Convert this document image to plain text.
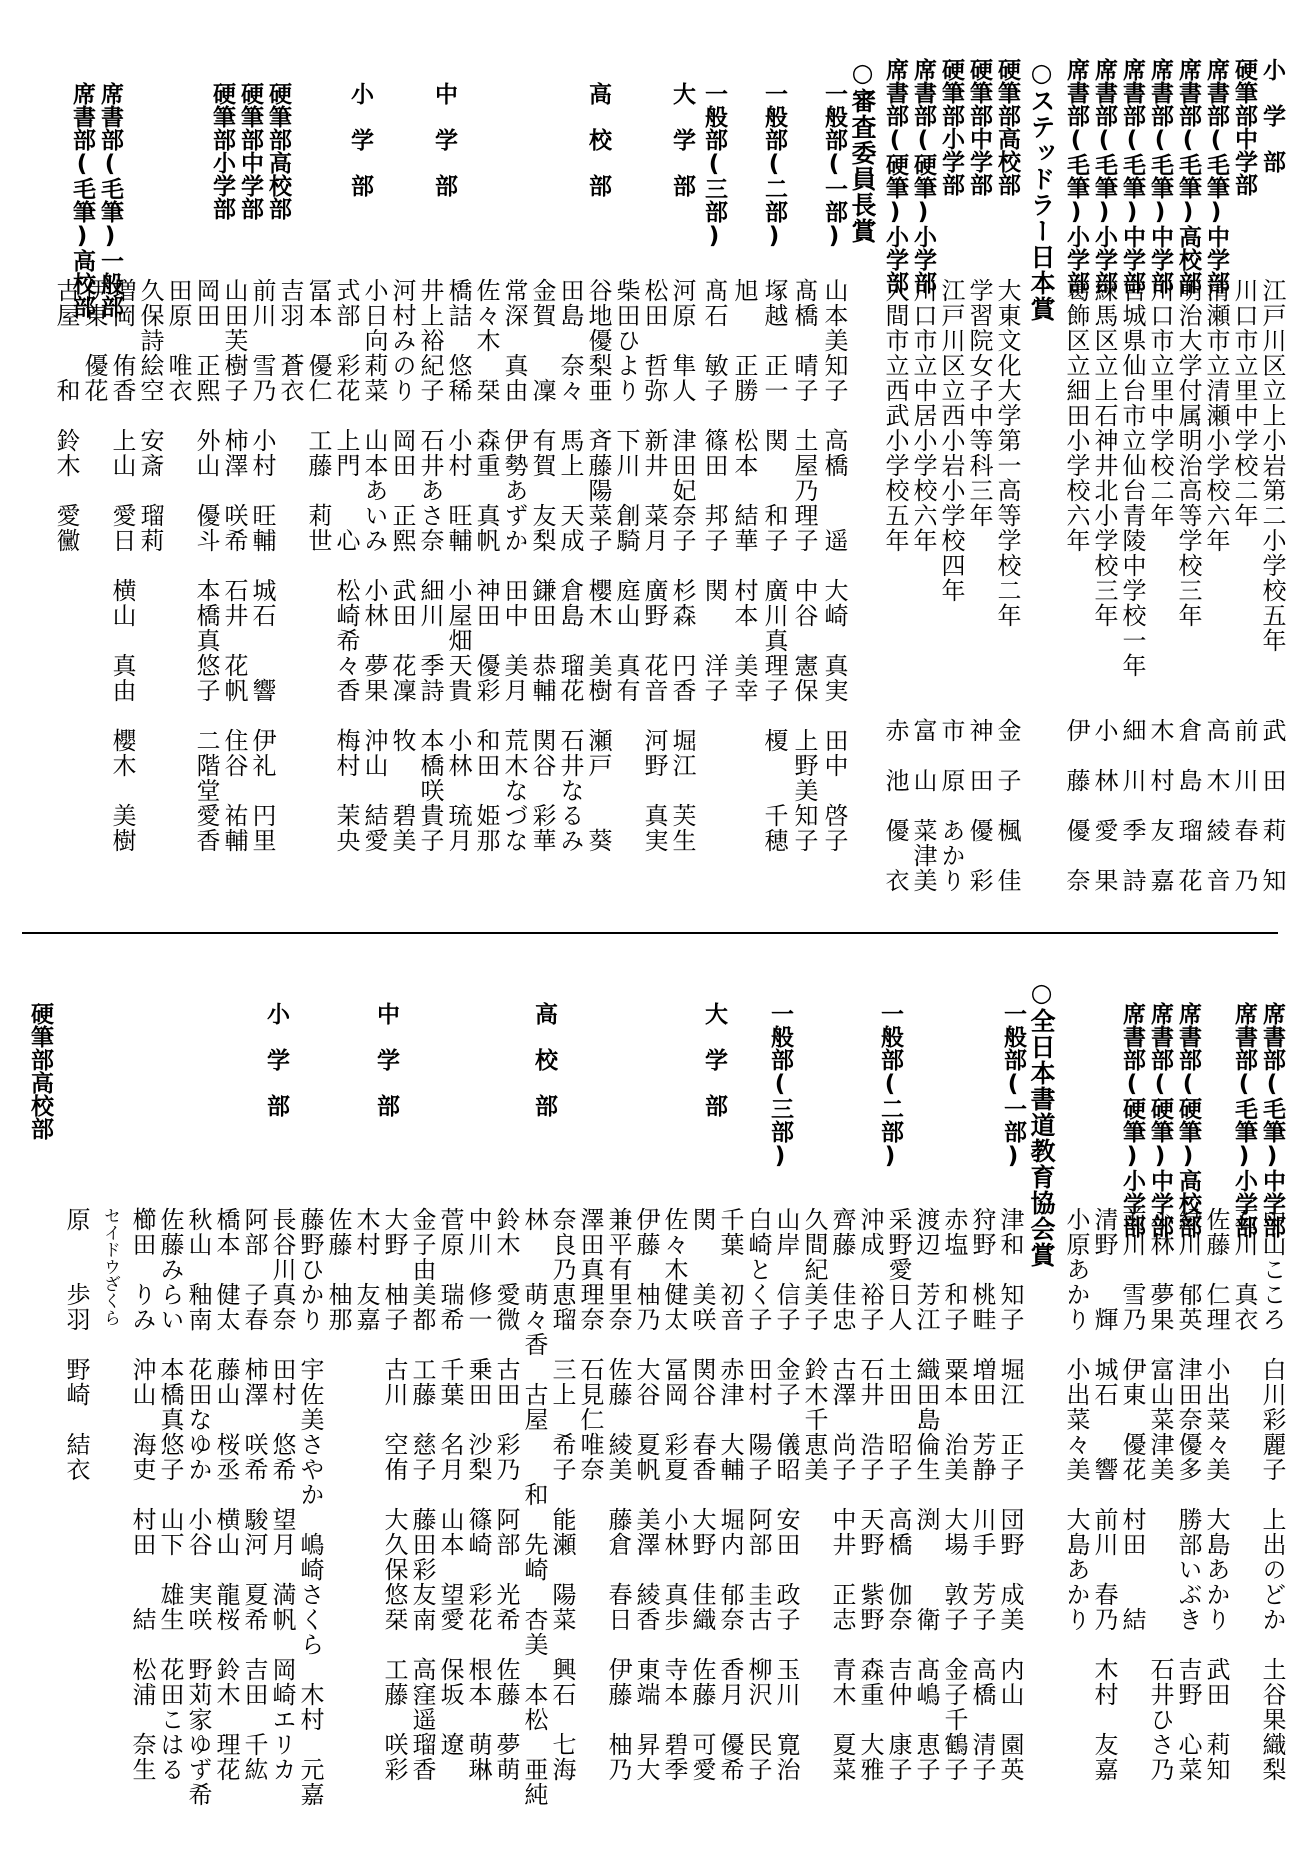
小　学　部
硬筆部中学部
席書部(毛筆)中学部
席書部(毛筆)高校部
席書部(毛筆)中学部
席書部(毛筆)中学部
席書部(毛筆)小学部
席書部(毛筆)小学部
江戸川区立上小岩第二小学校五年
川口市立里中学校二年
清瀬市立清瀬小学校六年
明治大学付属明治高等学校三年
川口市立里中学校二年
宮城県仙台市立仙台青陵中学校一年
練馬区立上石神井北小学校三年
葛飾区立細田小学校六年
武　田　莉　知
前　川　春　乃
高　木　綾　音
倉　島　瑠　花
木　村　友　嘉
細　川　季　詩
小　林　愛　果
伊　藤　優　奈
○ステッドラー日本賞
硬筆部高校部
硬筆部中学部
硬筆部小学部
席書部(硬筆)小学部
席書部(硬筆)小学部
大東文化大学第一高等学校二年
学習院女子中等科三年
江戸川区立西小岩小学校四年
川口市立中居小学校六年
入間市立西武小学校五年
金　子　楓　佳
神　田　優　彩
市　原　あかり
富　山　菜津美
赤　池　優　衣
○審査委員長賞
一般部(一部)
一般部(二部)
一般部(三部)
大　学　部
高　校　部
中　学　部
小　学　部
硬筆部高校部
硬筆部中学部
硬筆部小学部
席書部(毛筆)一般部
席書部(毛筆)高校部
山本美知子　高橋　　遥　大崎　真実　田中　啓子
髙橋　晴子　土屋乃理子　中谷　憲保　上野美知子
塚越　正一　関　　和子　廣川真理子　榎　　千穂
旭　　正勝　松本　結華　村本　美幸
髙石　敏子　篠田　邦子　関　　洋子
河原　隼人　津田妃奈子　杉森　円香　堀江　芙生
松田　哲弥　新井　菜月　廣野　花音　河野　真実
柴田ひより　下川　創騎　庭山　真有
谷地優梨亜　斉藤陽菜子　櫻木　美樹　瀬戸　　葵
田島　奈々　馬上　天成　倉島　瑠花　石井なるみ
金賀　　凜　有賀　友梨　鎌田　恭輔　関谷　彩華
常深　真由　伊勢あずか　田中　美月　荒木なづな
佐々木　栞　森重　真帆　神田　優彩　和田　姫那
橋詰　悠稀　小村　旺輔　小屋畑天貴　小林　琉月
井上裕紀子　石井あさ奈　細川　季詩　本橋咲貴子
河村みのり　岡田　正熙　武田　花凜　牧　　碧美
小日向莉菜　山本あいみ　小林　夢果　沖山　結愛
式部　彩花　上門　　心　松崎希々香　梅村　茉央
冨本　優仁　工藤　莉世
吉羽　蒼衣
前川　雪乃　小村　旺輔　城石　　響　伊礼　円里
山田芙樹子　柿澤　咲希　石井　花帆　住谷　祐輔
岡田　正熙　外山　優斗　本橋真悠子　二階堂愛香
田原　唯衣
久保詩絵空　安斎　瑠莉
増岡　侑香　上山　愛日　横山　真由　櫻木　美樹
伊東　優花
古屋　　和　鈴木　愛黴
席書部(毛筆)中学部
席書部(毛筆)小学部
中山こころ　白川彩麗子　上出のどか　土谷果織梨
石川　真衣
佐藤　仁理　小出菜々美　大島あかり　武田　莉知
緑川　郁英　津田奈優多　勝部いぶき　吉野　心菜
小林　夢果　富山菜津美　　　　　　　石井ひさ乃
前川　雪乃　伊東　優花　村田　　結
清野　　輝　城石　　響　前川　春乃　木村　友嘉
小原あかり　小出菜々美　大島あかり
○全日本書道教育協会賞	席書部(硬筆)高校部
席書部(硬筆)中学部
席書部(硬筆)小学部
一般部(一部)
一般部(二部)
一般部(三部)
大　学　部
高　校　部
中　学　部
小　学　部
硬筆部高校部
津和　知子　堀江　正子　団野　成美　内山　園英
狩野　桃畦　増田　芳静　川手　芳子　高橋　清子
赤塩　和子　粟本　治美　大場　敦子　金子千鶴子
渡辺　芳江　織田島倫生　渕　　　衛　髙嶋　恵子
采野愛日人　土田　昭子　高橋　伽奈　吉仲　康子
沖成　裕子　石井　浩子　天野　紫野　森重　大雅
齊藤　佳忠　古澤　尚子　中井　正志　青木　夏菜
久間紀美子　鈴木千恵美
山岸　信子　金子　儀昭　安田　政子　玉川　寛治
白崎とく子　田村　陽子　阿部　圭古　柳沢　民子
千葉　初音　赤津　大輔　堀内　郁奈　香月　優希
関　　美咲　関谷　春香　大野　佳織　佐藤　可愛
佐々木健太　冨岡　彩夏　小林　真歩　寺本　碧季
伊藤　柚乃　大谷　夏帆　美澤　綾香　東端　昇大
兼平有里奈　佐藤　綾美　藤倉　春日　伊藤　柚乃
澤田真理奈　石見仁唯奈
奈良乃恵瑠　三上　希子　能瀬　陽菜　興石　七海
林　　萌々香　古屋　　和　先崎　杏美　本松　亜純
鈴木　愛微　古田　彩乃　阿部　光希　佐藤　夢萌
中川　修一　乗田　沙梨　篠崎　彩花　根本　萌琳
菅原　瑞希　千葉　名月　山本　望愛　保坂　遼
金子由美都　工藤　慈子　藤田彩友南　高窪遥瑠香
大野　柚子　古川　空侑　大久保悠栞　工藤　咲彩
木村　友嘉
佐藤　柚那
藤野ひかり　宇佐美さやか　嶋崎さくら　木村　元嘉
長谷川真奈　田村　悠希　望月　満帆　岡崎エリカ
阿部　子春　柿澤　咲希　駿河　夏希　吉田　千紘
橋本　健太　藤山　桜丞　横山　龍桜　鈴木　理花
秋山　釉南　花田なゆか　小谷　実咲　野苅家ゆず希
佐藤みらい　本橋真悠子　山下　雄生　花田こはる
櫛田　りみ　沖山　海吏　村田　　結　松浦　奈生
セイドウざくら
原　　歩羽　野崎　結衣
